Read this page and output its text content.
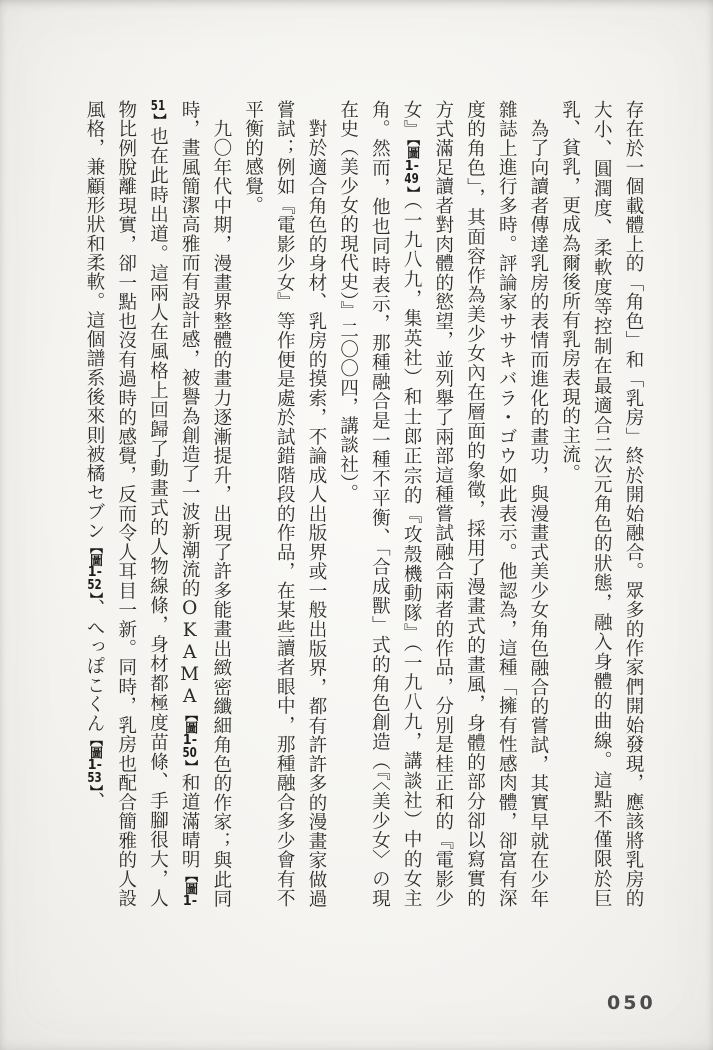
存在於一個載體上的「角色」和「乳房」終於開始融合。眾多的作家們開始發現，應該將乳房的大小、圓潤度、柔軟度等控制在最適合二次元角色的狀態，融入身體的曲線。這點不僅限於巨乳、貧乳，更成為爾後所有乳房表現的主流。

為了向讀者傳達乳房的表情而進化的畫功，與漫畫式美少女角色融合的嘗試，其實早就在少年雜誌上進行多時。評論家ササキバラ・ゴウ如此表示。他認為，這種「擁有性感肉體，卻富有深度的角色」，其面容作為美少女內在層面的象徵，採用了漫畫式的畫風，身體的部分卻以寫實的方式滿足讀者對肉體的慾望，並列舉了兩部這種嘗試融合兩者的作品，分別是桂正和的『電影少女』【圖1-49】（一九八九，集英社）和士郎正宗的『攻殼機動隊』（一九八九，講談社）中的女主角。然而，他也同時表示，那種融合是一種不平衡、「合成獸」式的角色創造（『〈美少女〉の現在史（美少女的現代史）』二〇〇四，講談社）。

對於適合角色的身材、乳房的摸索，不論成人出版界或一般出版界，都有許許多的漫畫家做過嘗試；例如『電影少女』等作便是處於試錯階段的作品，在某些讀者眼中，那種融合多少會有不平衡的感覺。

九〇年代中期，漫畫界整體的畫力逐漸提升，出現了許多能畫出緻密纖細角色的作家；與此同時，畫風簡潔高雅而有設計感，被譽為創造了一波新潮流的OKAMA【圖1-50】和道滿晴明【圖1-51】也在此時出道。這兩人在風格上回歸了動畫式的人物線條，身材都極度苗條、手腳很大，人物比例脫離現實，卻一點也沒有過時的感覺，反而令人耳目一新。同時，乳房也配合簡雅的人設風格，兼顧形狀和柔軟。這個譜系後來則被橘セブン【圖1-52】、へっぽこくん【圖1-53】、

050
